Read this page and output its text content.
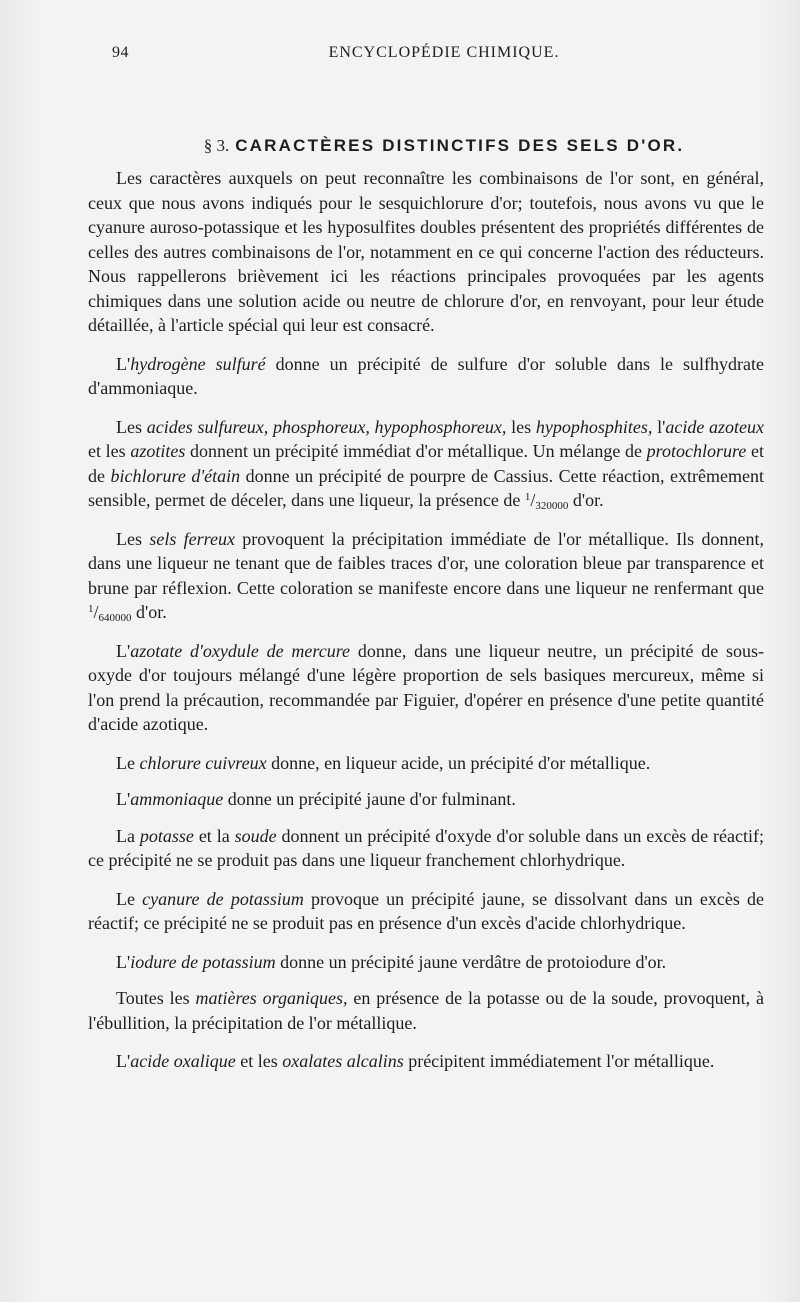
94	ENCYCLOPÉDIE CHIMIQUE.
§ 3. CARACTÈRES DISTINCTIFS DES SELS D'OR.

Les caractères auxquels on peut reconnaître les combinaisons de l'or sont, en général, ceux que nous avons indiqués pour le sesquichlorure d'or; toutefois, nous avons vu que le cyanure auroso-potassique et les hyposulfites doubles présentent des propriétés différentes de celles des autres combinaisons de l'or, notamment en ce qui concerne l'action des réducteurs. Nous rappellerons brièvement ici les réactions principales provoquées par les agents chimiques dans une solution acide ou neutre de chlorure d'or, en renvoyant, pour leur étude détaillée, à l'article spécial qui leur est consacré.

L'hydrogène sulfuré donne un précipité de sulfure d'or soluble dans le sulfhydrate d'ammoniaque.

Les acides sulfureux, phosphoreux, hypophosphoreux, les hypophosphites, l'acide azoteux et les azotites donnent un précipité immédiat d'or métallique. Un mélange de protochlorure et de bichlorure d'étain donne un précipité de pourpre de Cassius. Cette réaction, extrêmement sensible, permet de déceler, dans une liqueur, la présence de $^1/_{320000}$ d'or.

Les sels ferreux provoquent la précipitation immédiate de l'or métallique. Ils donnent, dans une liqueur ne tenant que de faibles traces d'or, une coloration bleue par transparence et brune par réflexion. Cette coloration se manifeste encore dans une liqueur ne renfermant que $^1/_{640000}$ d'or.

L'azotate d'oxydule de mercure donne, dans une liqueur neutre, un précipité de sous-oxyde d'or toujours mélangé d'une légère proportion de sels basiques mercureux, même si l'on prend la précaution, recommandée par Figuier, d'opérer en présence d'une petite quantité d'acide azotique.

Le chlorure cuivreux donne, en liqueur acide, un précipité d'or métallique.

L'ammoniaque donne un précipité jaune d'or fulminant.

La potasse et la soude donnent un précipité d'oxyde d'or soluble dans un excès de réactif; ce précipité ne se produit pas dans une liqueur franchement chlorhydrique.

Le cyanure de potassium provoque un précipité jaune, se dissolvant dans un excès de réactif; ce précipité ne se produit pas en présence d'un excès d'acide chlorhydrique.

L'iodure de potassium donne un précipité jaune verdâtre de protoiodure d'or.

Toutes les matières organiques, en présence de la potasse ou de la soude, provoquent, à l'ébullition, la précipitation de l'or métallique.

L'acide oxalique et les oxalates alcalins précipitent immédiatement l'or métallique.
